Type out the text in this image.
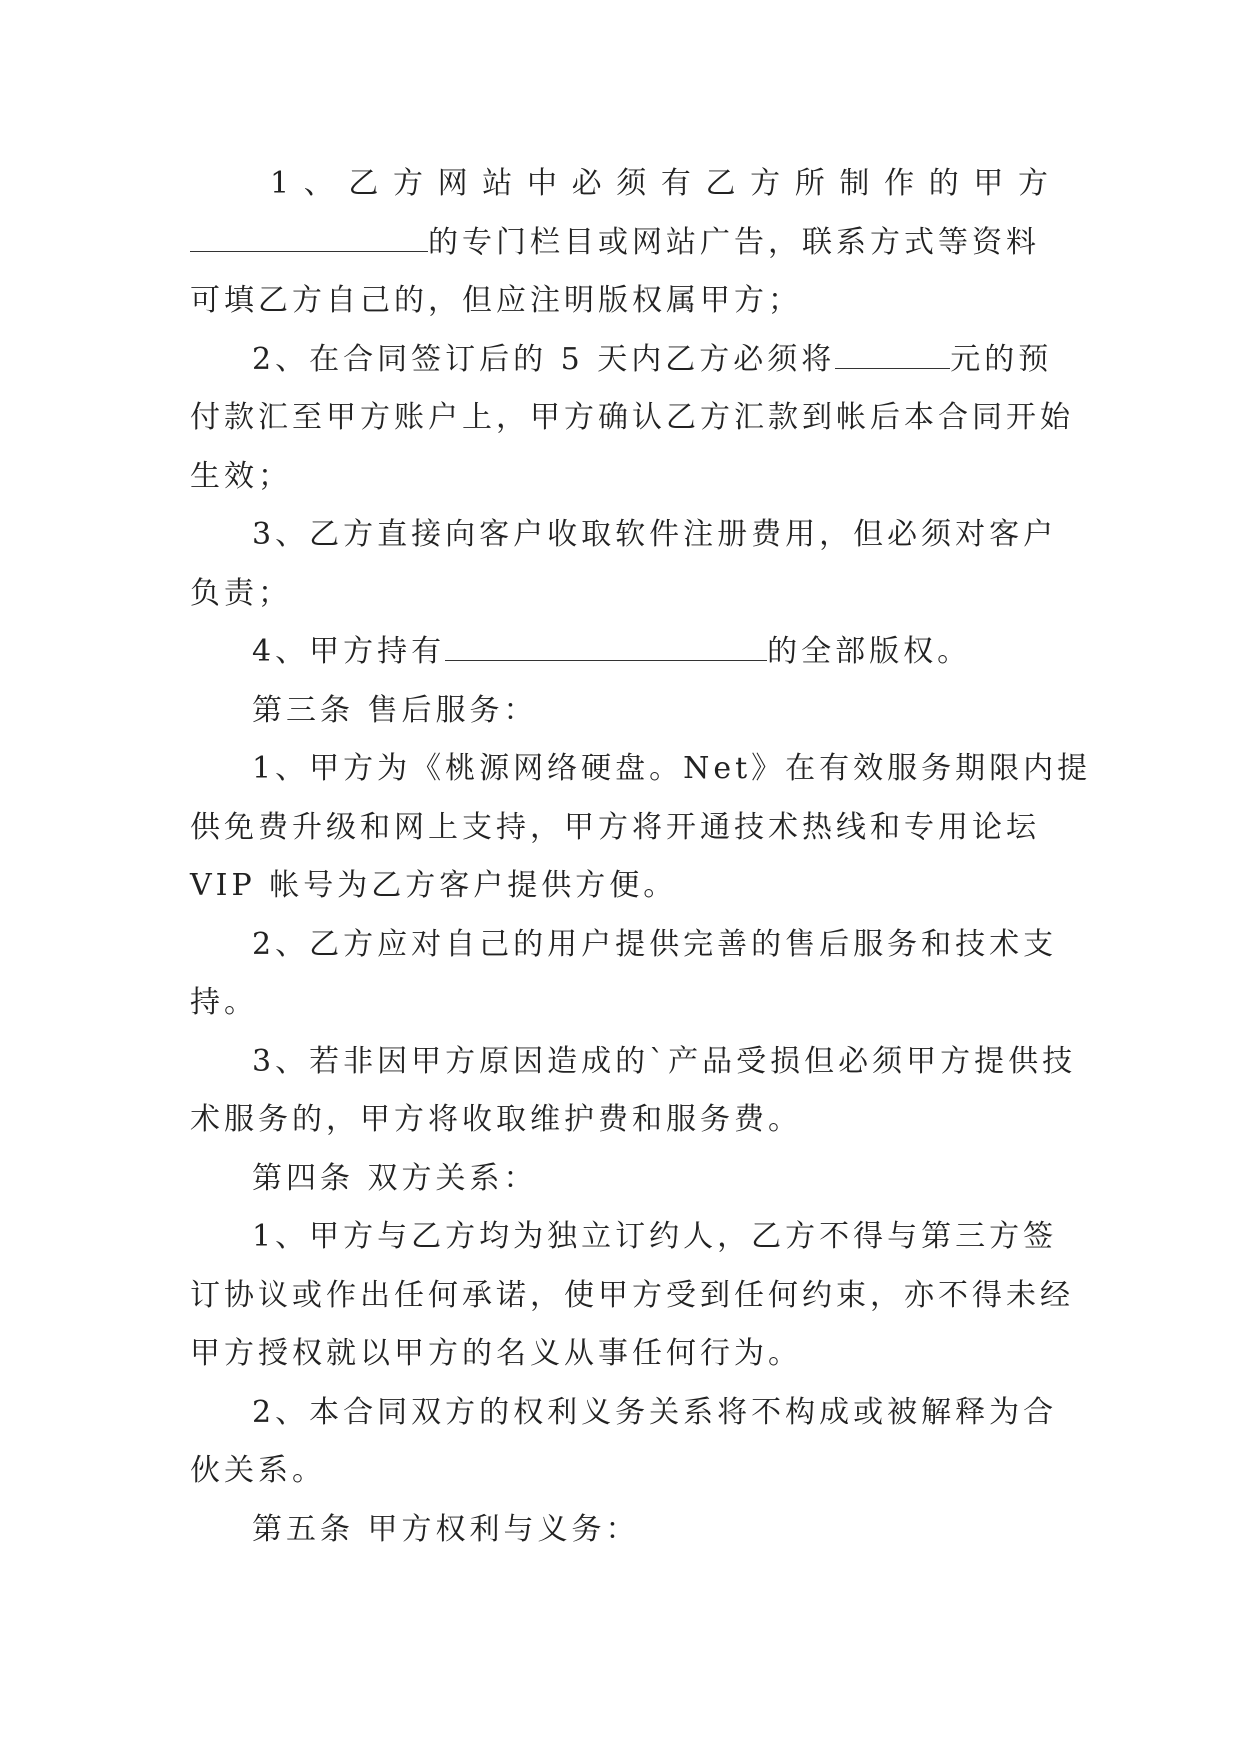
1 、 乙 方 网 站 中 必 须 有 乙 方 所 制 作 的 甲 方
的专门栏目或网站广告，联系方式等资料
可填乙方自己的，但应注明版权属甲方；
2、在合同签订后的 5 天内乙方必须将	元的预
付款汇至甲方账户上，甲方确认乙方汇款到帐后本合同开始
生效；
3、乙方直接向客户收取软件注册费用，但必须对客户
负责；
4、甲方持有	的全部版权。
第三条 售后服务：
1、甲方为《桃源网络硬盘。Net》在有效服务期限内提
供免费升级和网上支持，甲方将开通技术热线和专用论坛
VIP 帐号为乙方客户提供方便。
2、乙方应对自己的用户提供完善的售后服务和技术支
持。
3、若非因甲方原因造成的`产品受损但必须甲方提供技
术服务的，甲方将收取维护费和服务费。
第四条 双方关系：
1、甲方与乙方均为独立订约人，乙方不得与第三方签
订协议或作出任何承诺，使甲方受到任何约束，亦不得未经
甲方授权就以甲方的名义从事任何行为。
2、本合同双方的权利义务关系将不构成或被解释为合
伙关系。
第五条 甲方权利与义务：
